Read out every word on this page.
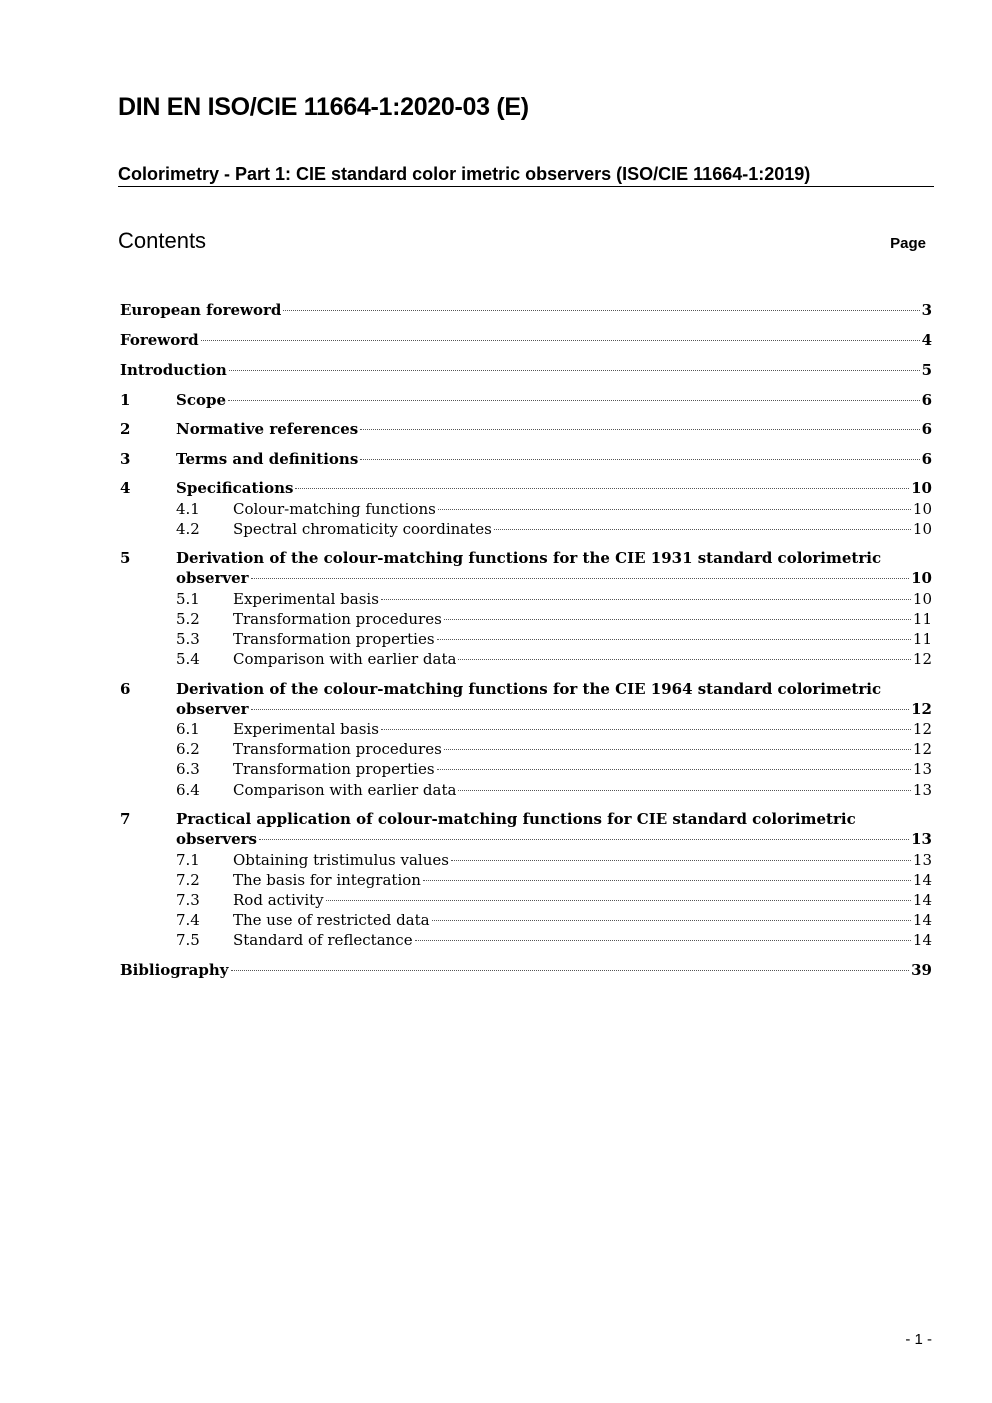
DIN EN ISO/CIE 11664-1:2020-03 (E)
Colorimetry - Part 1: CIE standard color imetric observers (ISO/CIE 11664-1:2019)
Contents	Page
European foreword	3
Foreword	4
Introduction	5
1	Scope	6
2	Normative references	6
3	Terms and definitions	6
4	Specifications	10
4.1	Colour-matching functions	10
4.2	Spectral chromaticity coordinates	10
5	Derivation of the colour-matching functions for the CIE 1931 standard colorimetric
observer	10
5.1	Experimental basis	10
5.2	Transformation procedures	11
5.3	Transformation properties	11
5.4	Comparison with earlier data	12
6	Derivation of the colour-matching functions for the CIE 1964 standard colorimetric
observer	12
6.1	Experimental basis	12
6.2	Transformation procedures	12
6.3	Transformation properties	13
6.4	Comparison with earlier data	13
7	Practical application of colour-matching functions for CIE standard colorimetric
observers	13
7.1	Obtaining tristimulus values	13
7.2	The basis for integration	14
7.3	Rod activity	14
7.4	The use of restricted data	14
7.5	Standard of reflectance	14
Bibliography	39
- 1 -
